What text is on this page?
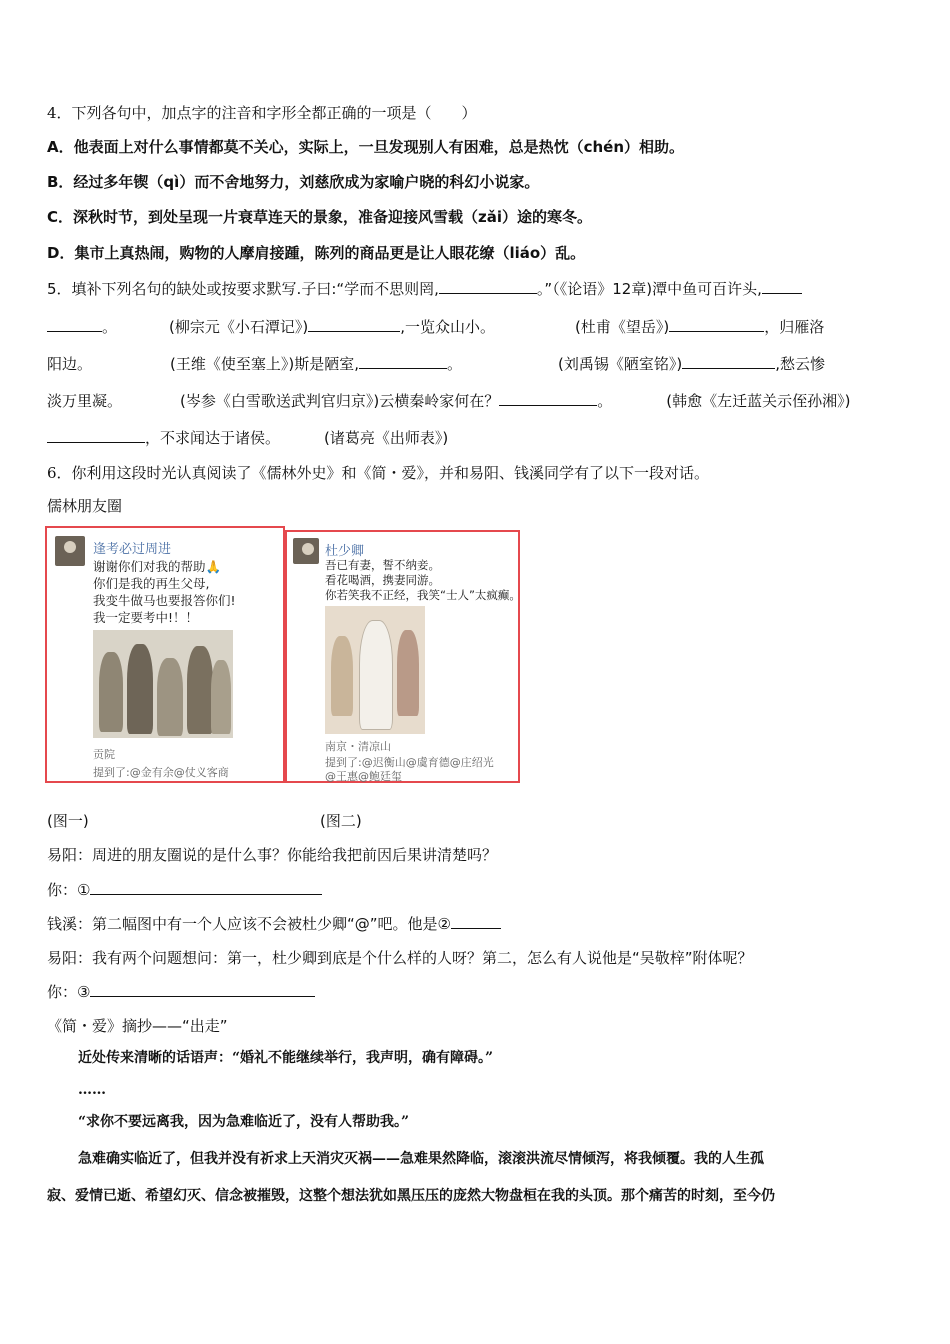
4．下列各句中，加点字的注音和字形全都正确的一项是（　　）
A．他表面上对什么事情都莫不关心，实际上，一旦发现别人有困难，总是热忱（chén）相助。
B．经过多年锲（qì）而不舍地努力，刘慈欣成为家喻户晓的科幻小说家。
C．深秋时节，到处呈现一片衰草连天的景象，准备迎接风雪载（zǎi）途的寒冬。
D．集市上真热闹，购物的人摩肩接踵，陈列的商品更是让人眼花缭（liáo）乱。
5．填补下列名句的缺处或按要求默写.子曰:“学而不思则罔,	。”（《论语》12章)潭中鱼可百许头,
。	(柳宗元《小石潭记》)	,一览众山小。	(杜甫《望岳》)	，归雁洛
阳边。	(王维《使至塞上》)斯是陋室,	。	(刘禹锡《陋室铭》)	,愁云惨
淡万里凝。	(岑参《白雪歌送武判官归京》)云横秦岭家何在？	。	(韩愈《左迁蓝关示侄孙湘》)
，不求闻达于诸侯。	(诸葛亮《出师表》)
6．你利用这段时光认真阅读了《儒林外史》和《简・爱》，并和易阳、钱溪同学有了以下一段对话。
儒林朋友圈
逢考必过周进
谢谢你们对我的帮助🙏
你们是我的再生父母,
我变牛做马也要报答你们!
我一定要考中!！！
贡院
提到了:@金有余@仗义客商
杜少卿
吾已有妻，誓不纳妾。
看花喝酒，携妻同游。
你若笑我不正经，我笑“士人”太疯癫。
南京・清凉山
提到了:@迟衡山@虞育德@庄绍光
@王惠@鲍廷玺
(图一)	(图二)
易阳：周进的朋友圈说的是什么事？你能给我把前因后果讲清楚吗？
你：①
钱溪：第二幅图中有一个人应该不会被杜少卿“@”吧。他是②
易阳：我有两个问题想问：第一，杜少卿到底是个什么样的人呀？第二，怎么有人说他是“吴敬梓”附体呢？
你：③
《简・爱》摘抄——“出走”
近处传来清晰的话语声：“婚礼不能继续举行，我声明，确有障碍。”
……
“求你不要远离我，因为急难临近了，没有人帮助我。”
急难确实临近了，但我并没有祈求上天消灾灭祸——急难果然降临，滚滚洪流尽情倾泻，将我倾覆。我的人生孤
寂、爱情已逝、希望幻灭、信念被摧毁，这整个想法犹如黑压压的庞然大物盘桓在我的头顶。那个痛苦的时刻，至今仍
